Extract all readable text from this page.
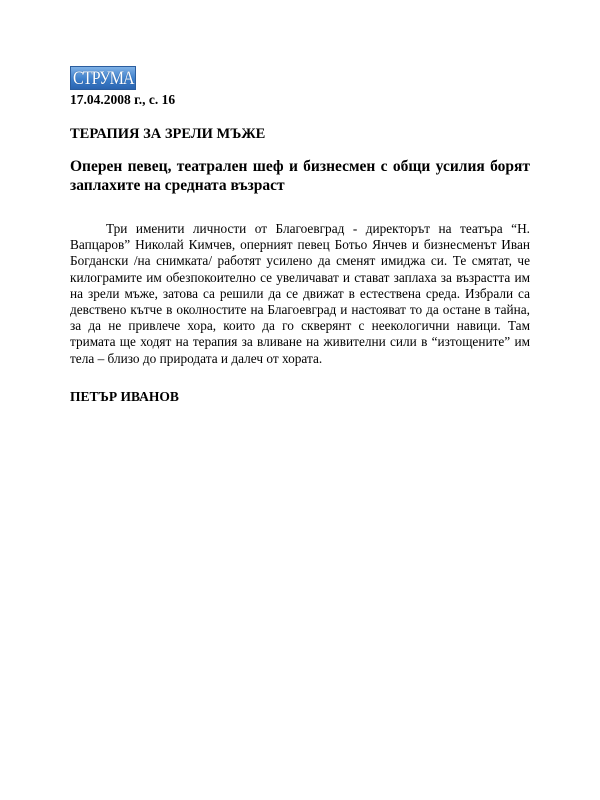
СТРУМА
17.04.2008 г., с. 16
ТЕРАПИЯ ЗА ЗРЕЛИ МЪЖЕ
Оперен певец, театрален шеф и бизнесмен с общи усилия борят заплахите на средната възраст

Три именити личности от Благоевград - директорът на театъра “Н. Вапцаров” Николай Кимчев, оперният певец Ботьо Янчев и бизнесменът Иван Богдански /на снимката/ работят усилено да сменят имиджа си. Те смятат, че килограмите им обезпокоително се увеличават и стават заплаха за възрастта им на зрели мъже, затова са решили да се движат в естествена среда. Избрали са девствено кътче в околностите на Благоевград и настояват то да остане в тайна, за да не привлече хора, които да го скверянт с неекологични навици. Там тримата ще ходят на терапия за вливане на живителни сили в “изтощените” им тела – близо до природата и далеч от хората.

ПЕТЪР ИВАНОВ
